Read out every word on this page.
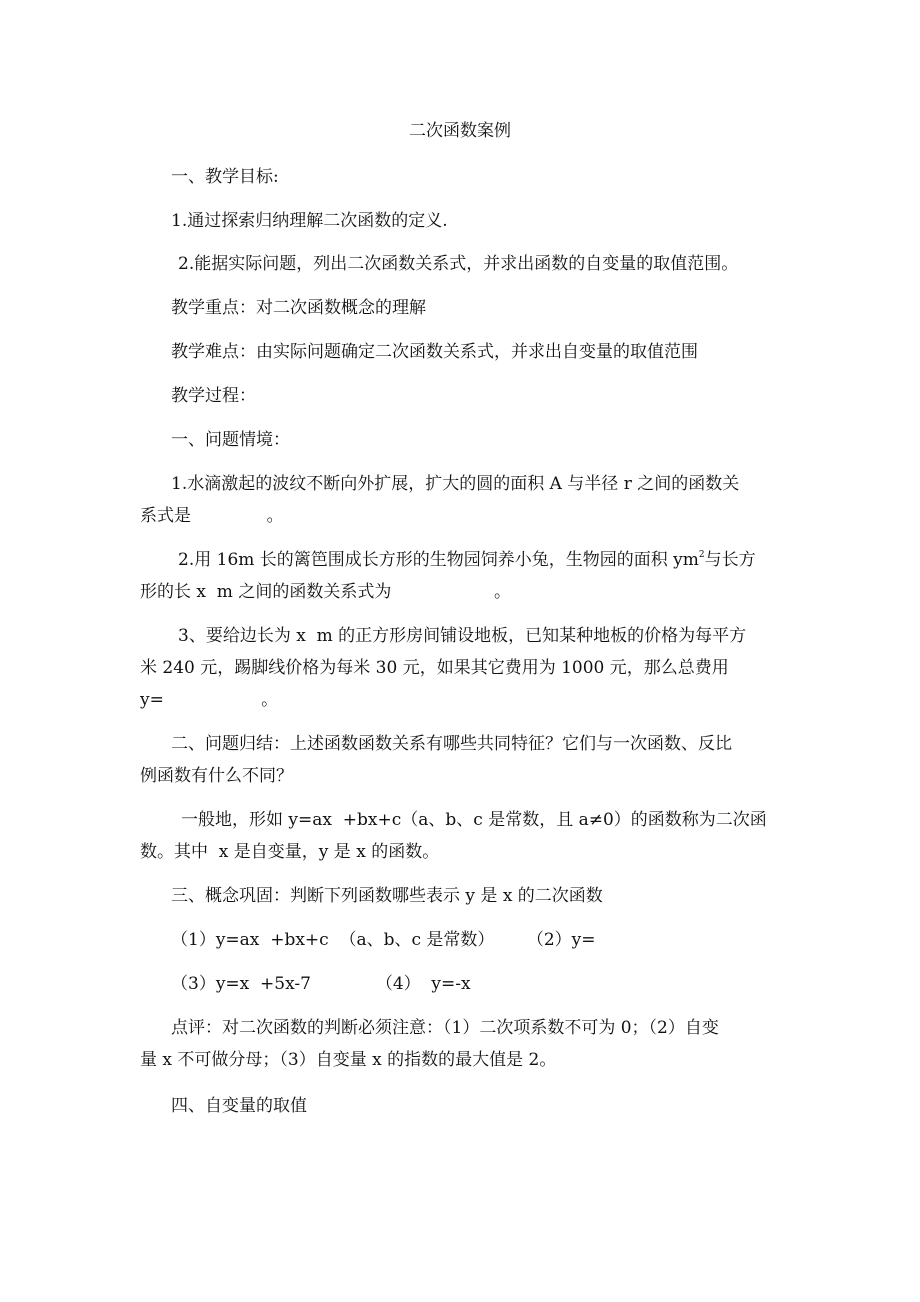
二次函数案例
一、教学目标:
1.通过探索归纳理解二次函数的定义.
2.能据实际问题，列出二次函数关系式，并求出函数的自变量的取值范围。
教学重点：对二次函数概念的理解
教学难点：由实际问题确定二次函数关系式，并求出自变量的取值范围
教学过程：
一、问题情境：
1.水滴激起的波纹不断向外扩展，扩大的圆的面积 A 与半径 r 之间的函数关
系式是              。
2.用 16m 长的篱笆围成长方形的生物园饲养小兔，生物园的面积 $ym^2$与长方
形的长 x  m 之间的函数关系式为                   。
3、要给边长为 x  m 的正方形房间铺设地板，已知某种地板的价格为每平方
米 240 元，踢脚线价格为每米 30 元，如果其它费用为 1000 元，那么总费用
y=                  。
二、问题归结：上述函数函数关系有哪些共同特征？它们与一次函数、反比
例函数有什么不同？
一般地，形如 y=ax  +bx+c（a、b、c 是常数，且 a≠0）的函数称为二次函
数。其中  x 是自变量，y 是 x 的函数。
三、概念巩固：判断下列函数哪些表示 y 是 x 的二次函数
（1）y=ax  +bx+c  （a、b、c 是常数）      （2）y=
（3）y=x  +5x-7            （4）  y=-x
点评：对二次函数的判断必须注意：（1）二次项系数不可为 0；（2）自变
量 x 不可做分母；（3）自变量 x 的指数的最大值是 2。
四、自变量的取值
